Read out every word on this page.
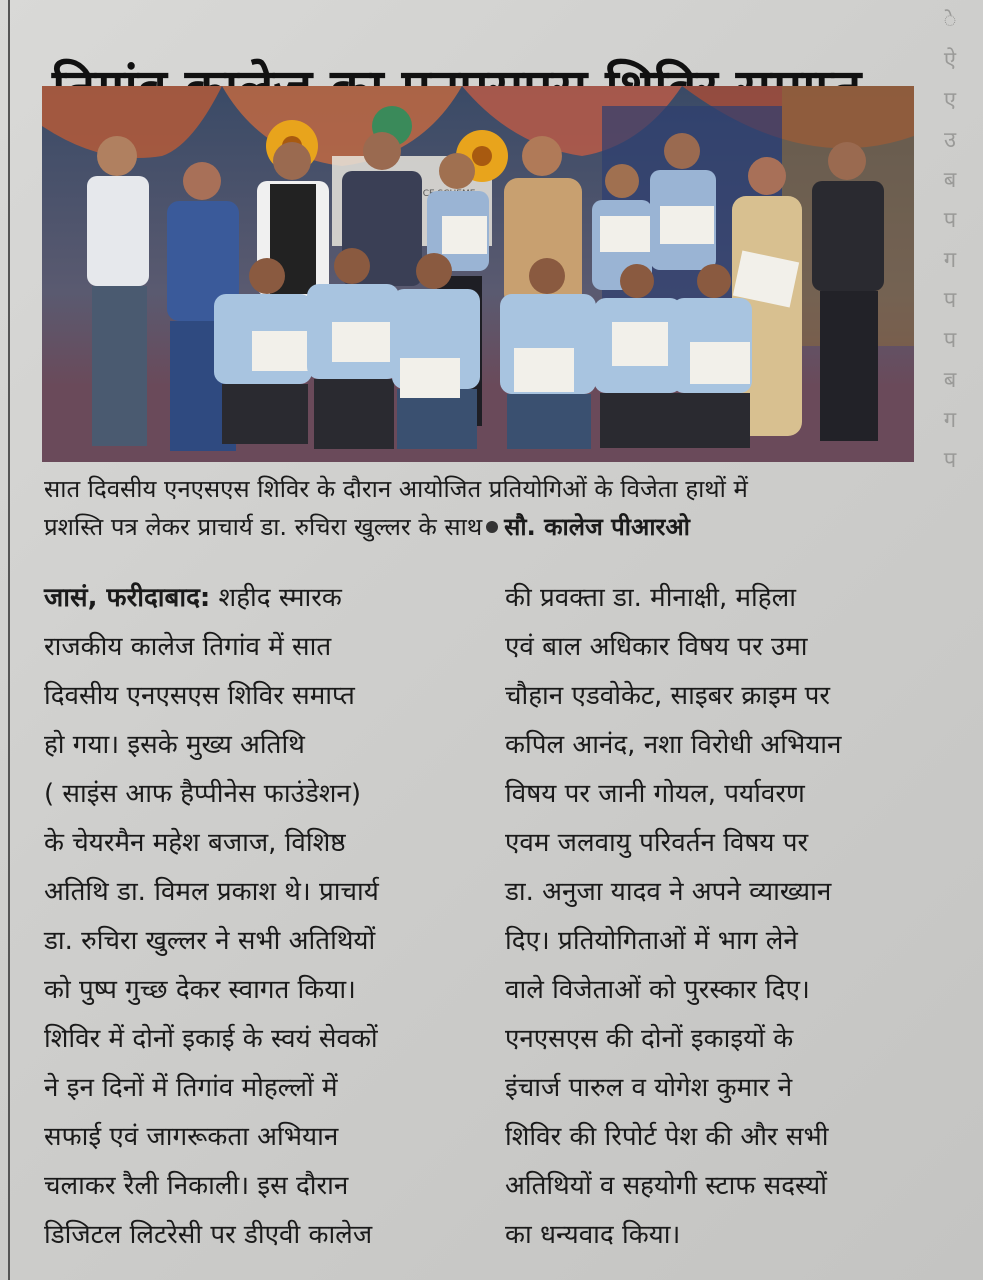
े
ऐ
ए
उ
ब
प
ग
प
प
ब
ग
प
सात दिवसीय एनएसएस शिविर के दौरान आयोजित प्रतियोगिओं के विजेता हाथों में
प्रशस्ति पत्र लेकर प्राचार्य डा. रुचिरा खुल्लर के साथ सौ. कालेज पीआरओ

जासं, फरीदाबाद: शहीद स्मारक

राजकीय कालेज तिगांव में सात

दिवसीय एनएसएस शिविर समाप्त

हो गया। इसके मुख्य अतिथि

( साइंस आफ हैप्पीनेस फाउंडेशन)

के चेयरमैन महेश बजाज, विशिष्ठ

अतिथि डा. विमल प्रकाश थे। प्राचार्य

डा. रुचिरा खुल्लर ने सभी अतिथियों

को पुष्प गुच्छ देकर स्वागत किया।

शिविर में दोनों इकाई के स्वयं सेवकों

ने इन दिनों में तिगांव मोहल्लों में

सफाई एवं जागरूकता अभियान

चलाकर रैली निकाली। इस दौरान

डिजिटल लिटरेसी पर डीएवी कालेज

की प्रवक्ता डा. मीनाक्षी, महिला

एवं बाल अधिकार विषय पर उमा

चौहान एडवोकेट, साइबर क्राइम पर

कपिल आनंद, नशा विरोधी अभियान

विषय पर जानी गोयल, पर्यावरण

एवम जलवायु परिवर्तन विषय पर

डा. अनुजा यादव ने अपने व्याख्यान

दिए। प्रतियोगिताओं में भाग लेने

वाले विजेताओं को पुरस्कार दिए।

एनएसएस की दोनों इकाइयों के

इंचार्ज पारुल व योगेश कुमार ने

शिविर की रिपोर्ट पेश की और सभी

अतिथियों व सहयोगी स्टाफ सदस्यों

का धन्यवाद किया।
